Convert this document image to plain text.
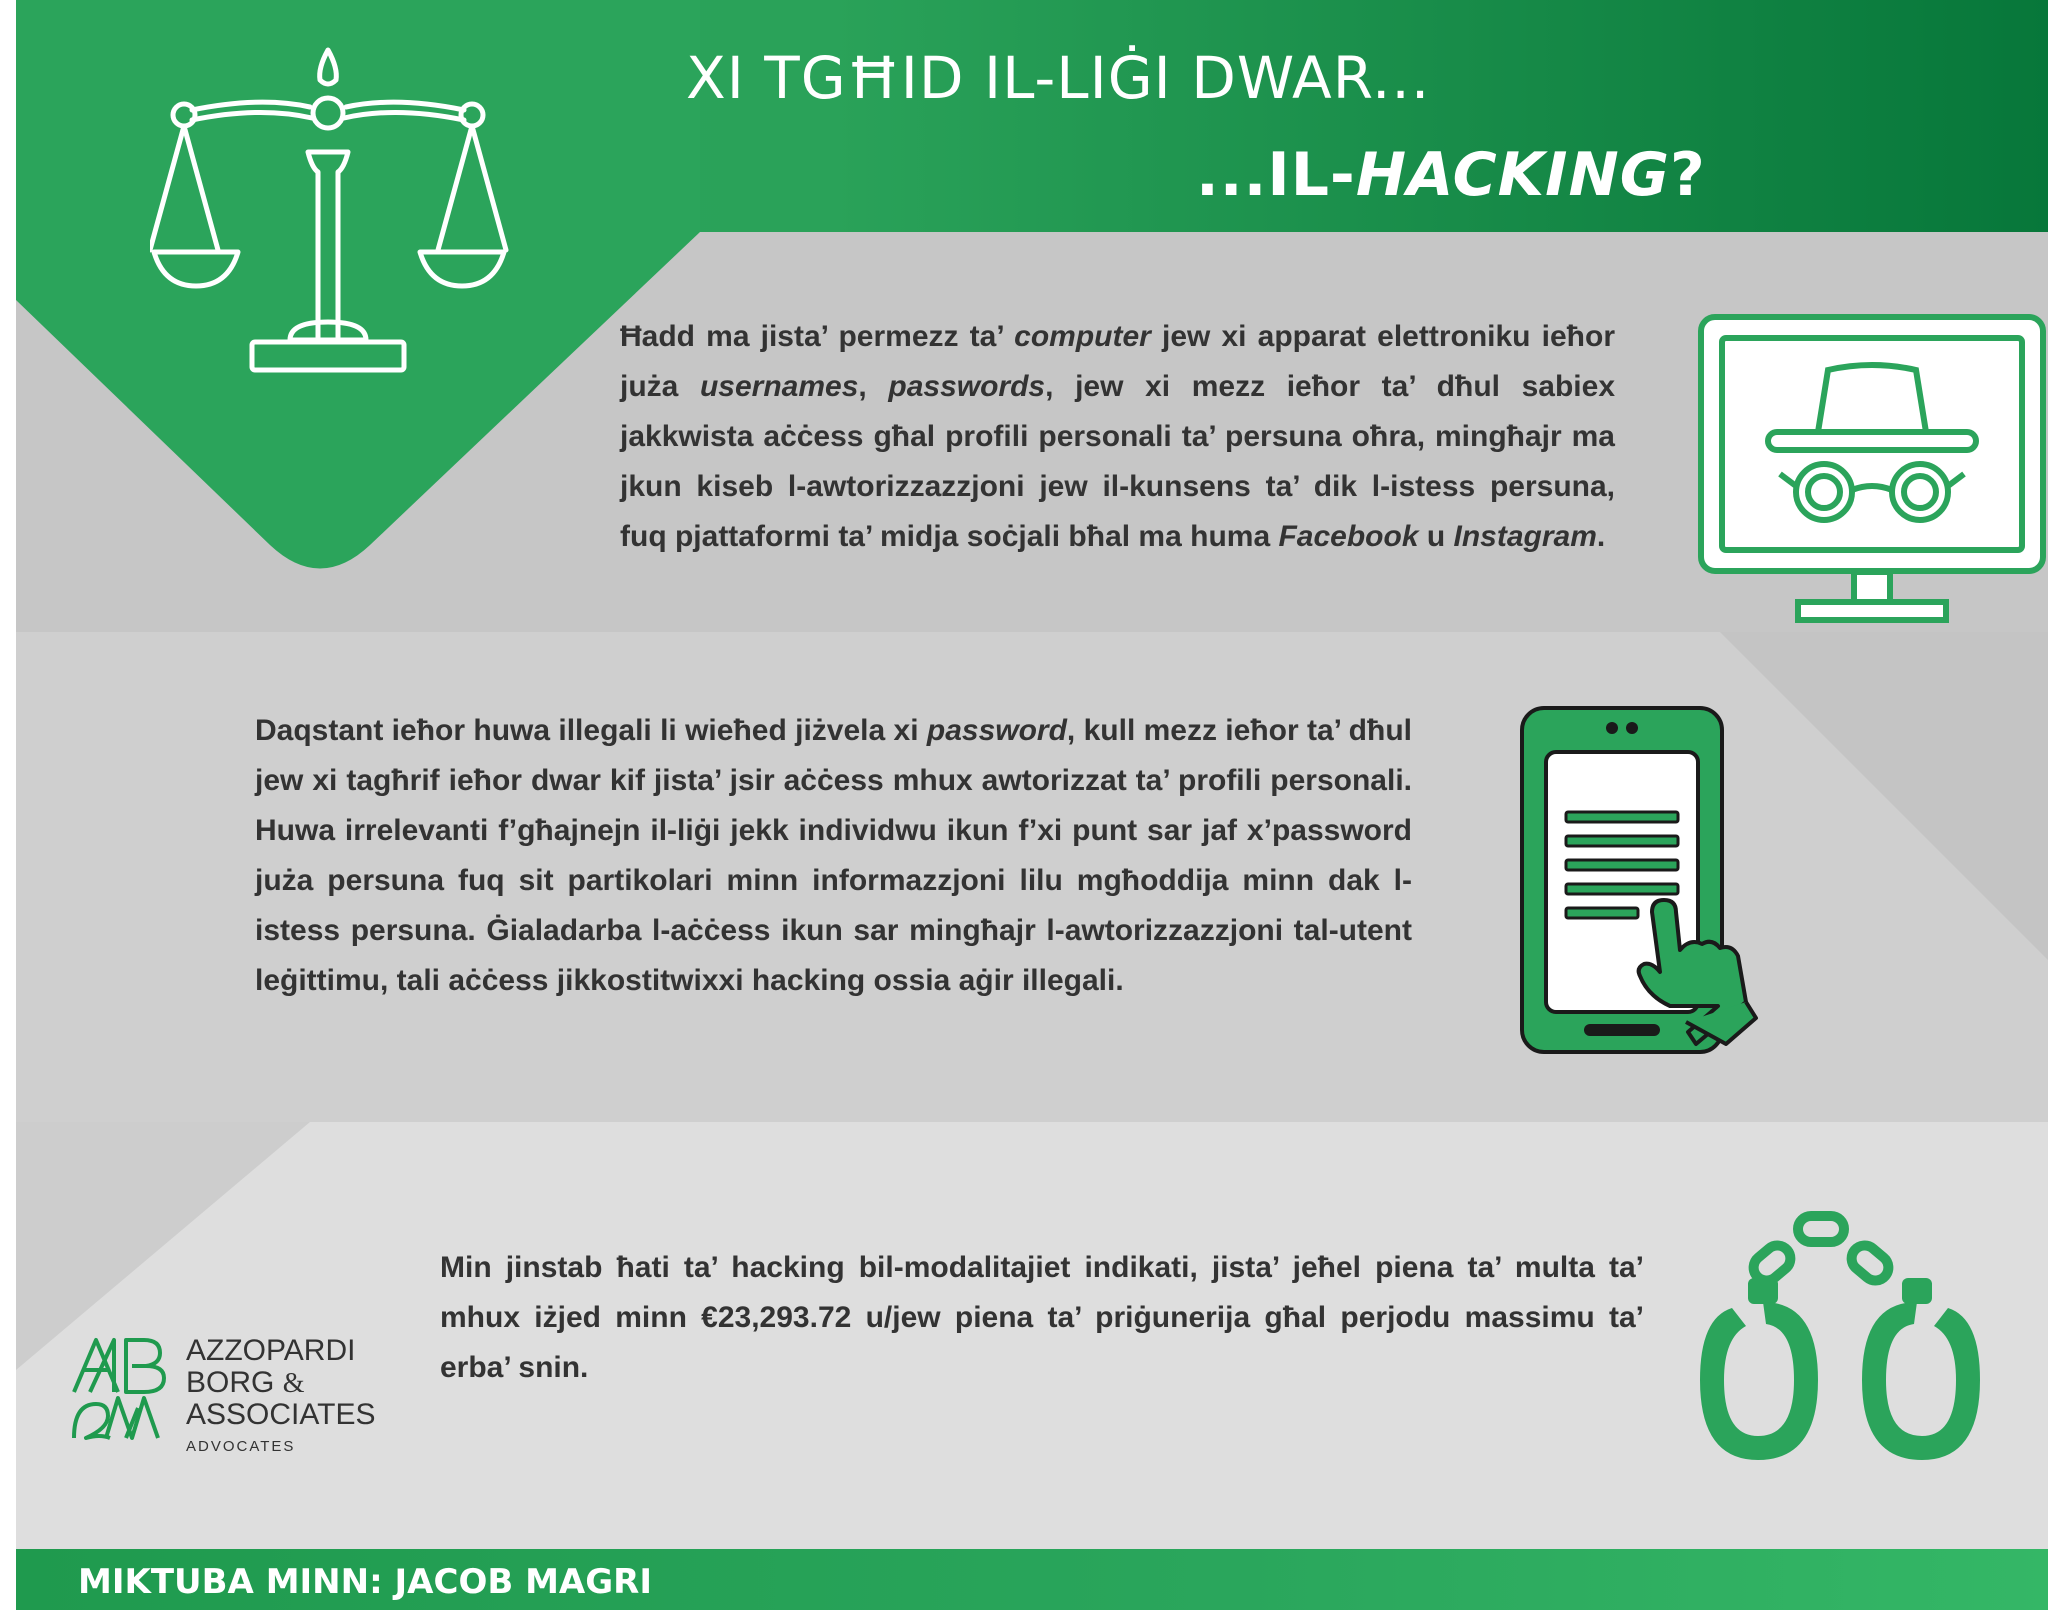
XI TGĦID IL-LIĠI DWAR...
...IL-HACKING?
Ħadd ma jista’ permezz ta’ computer jew xi apparat elettroniku ieħor juża usernames, passwords, jew xi mezz ieħor ta’ dħul sabiex jakkwista aċċess għal profili personali ta’ persuna oħra, mingħajr ma jkun kiseb l-awtorizzazzjoni jew il-kunsens ta’ dik l-istess persuna, fuq pjattaformi ta’ midja soċjali bħal ma huma Facebook u Instagram.
Daqstant ieħor huwa illegali li wieħed jiżvela xi password, kull mezz ieħor ta’ dħul jew xi tagħrif ieħor dwar kif jista’ jsir aċċess mhux awtorizzat ta’ profili personali. Huwa irrelevanti f’għajnejn il-liġi jekk individwu ikun f’xi punt sar jaf x’password juża persuna fuq sit partikolari minn informazzjoni lilu mgħoddija minn dak l-istess persuna. Ġialadarba l-aċċess ikun sar mingħajr l-awtorizzazzjoni tal-utent leġittimu, tali aċċess jikkostitwixxi hacking ossia aġir illegali.
Min jinstab ħati ta’ hacking bil-modalitajiet indikati, jista’ jeħel piena ta’ multa ta’ mhux iżjed minn €23,293.72 u/jew piena ta’ priġunerija għal perjodu massimu ta’ erba’ snin.
AZZOPARDI
BORG &
ASSOCIATES
ADVOCATES
MIKTUBA MINN: JACOB MAGRI
